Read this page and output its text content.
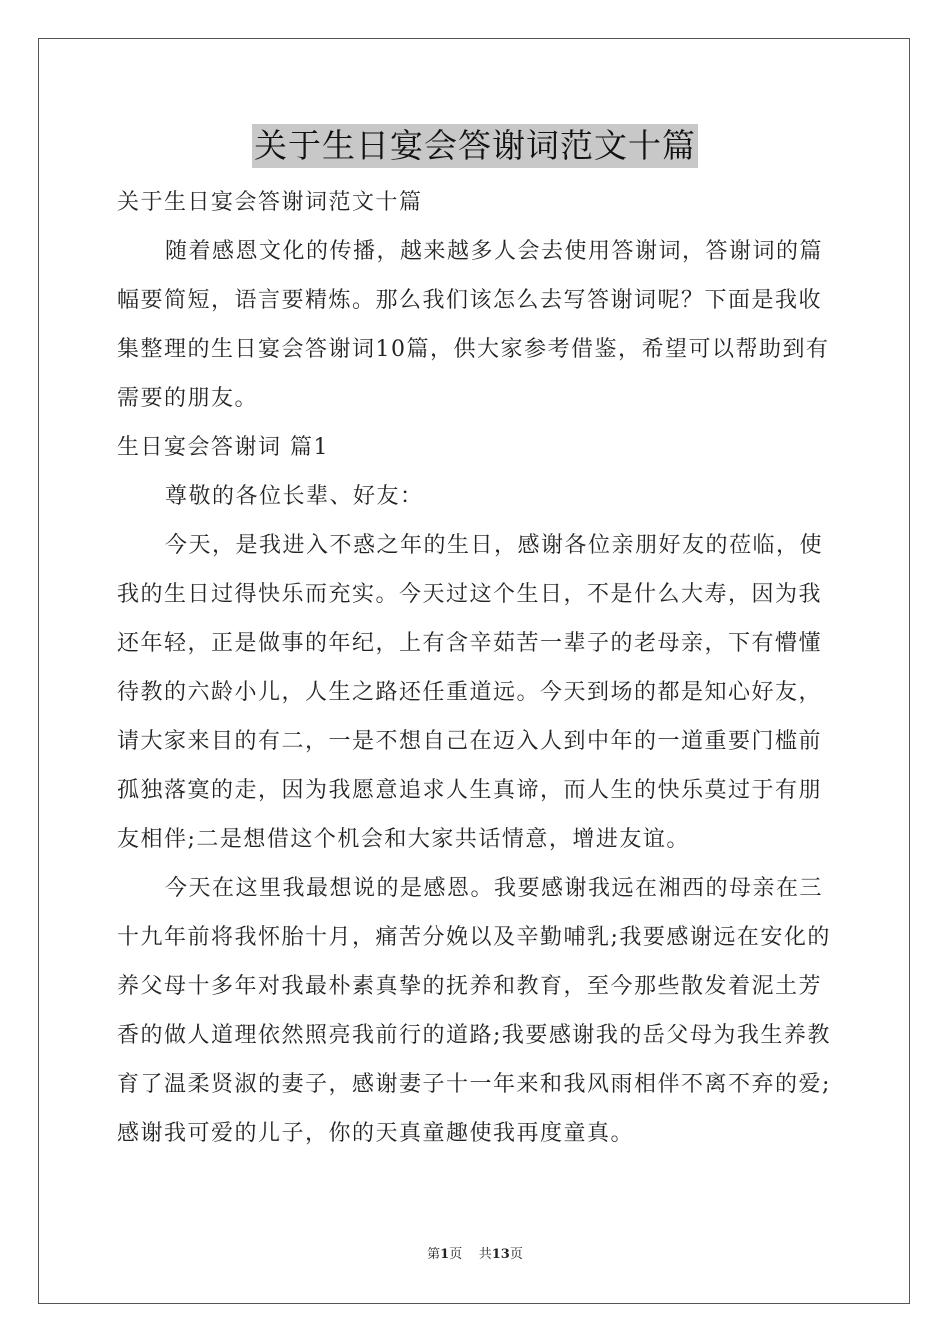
关于生日宴会答谢词范文十篇

关于生日宴会答谢词范文十篇

随着感恩文化的传播，越来越多人会去使用答谢词，答谢词的篇幅要简短，语言要精炼。那么我们该怎么去写答谢词呢？下面是我收集整理的生日宴会答谢词10篇，供大家参考借鉴，希望可以帮助到有需要的朋友。

生日宴会答谢词 篇1

尊敬的各位长辈、好友：

今天，是我进入不惑之年的生日，感谢各位亲朋好友的莅临，使我的生日过得快乐而充实。今天过这个生日，不是什么大寿，因为我还年轻，正是做事的年纪，上有含辛茹苦一辈子的老母亲，下有懵懂待教的六龄小儿，人生之路还任重道远。今天到场的都是知心好友，请大家来目的有二，一是不想自己在迈入人到中年的一道重要门槛前孤独落寞的走，因为我愿意追求人生真谛，而人生的快乐莫过于有朋友相伴;二是想借这个机会和大家共话情意，增进友谊。

今天在这里我最想说的是感恩。我要感谢我远在湘西的母亲在三十九年前将我怀胎十月，痛苦分娩以及辛勤哺乳;我要感谢远在安化的养父母十多年对我最朴素真挚的抚养和教育，至今那些散发着泥土芳香的做人道理依然照亮我前行的道路;我要感谢我的岳父母为我生养教育了温柔贤淑的妻子，感谢妻子十一年来和我风雨相伴不离不弃的爱;感谢我可爱的儿子，你的天真童趣使我再度童真。

第1页 共13页
